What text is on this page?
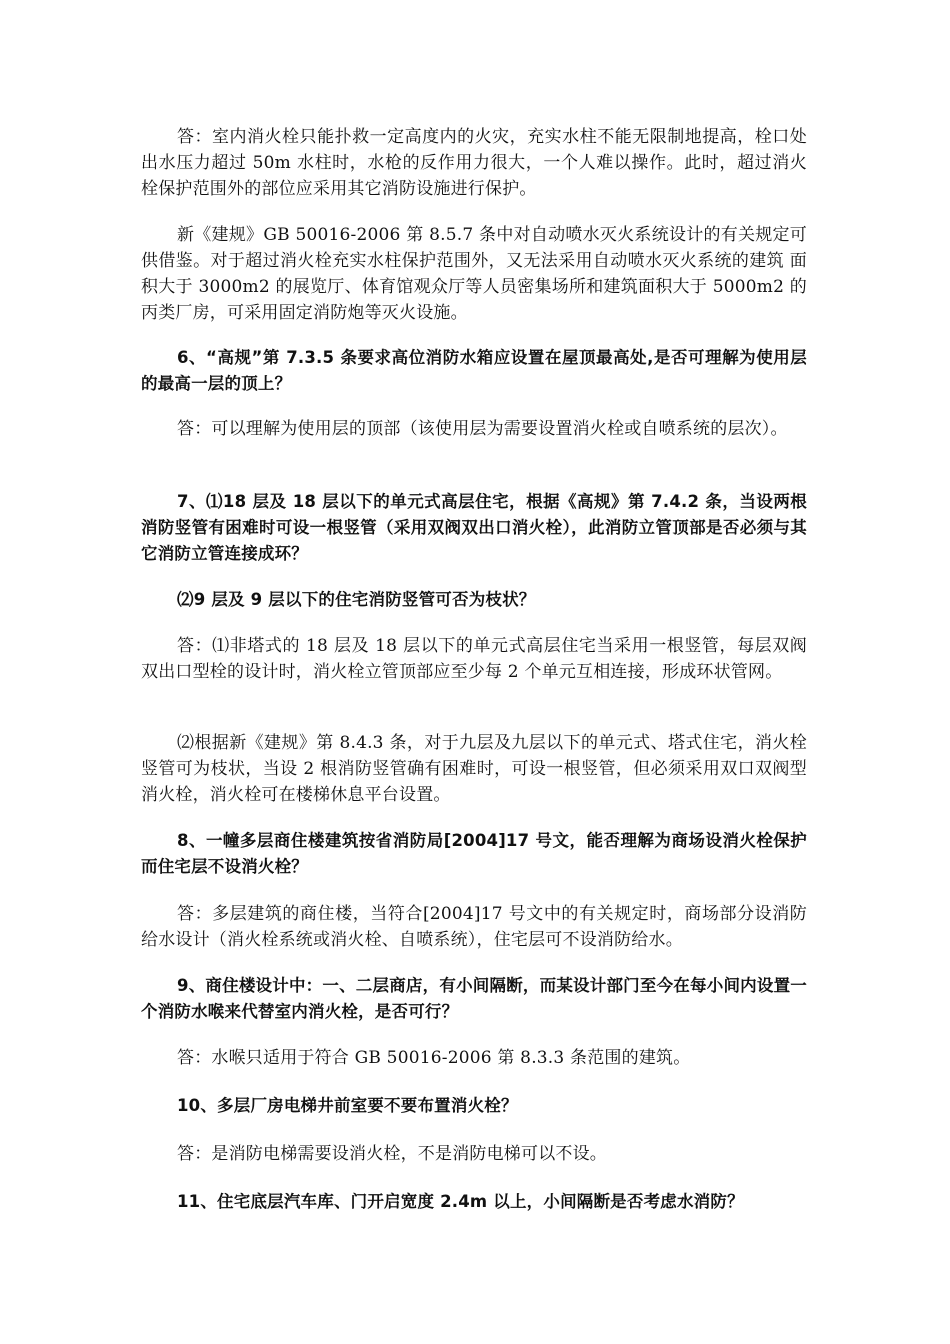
答：室内消火栓只能扑救一定高度内的火灾，充实水柱不能无限制地提高，栓口处出水压力超过 50m 水柱时，水枪的反作用力很大，一个人难以操作。此时，超过消火栓保护范围外的部位应采用其它消防设施进行保护。

新《建规》GB 50016-2006 第 8.5.7 条中对自动喷水灭火系统设计的有关规定可供借鉴。对于超过消火栓充实水柱保护范围外，又无法采用自动喷水灭火系统的建筑 面积大于 3000m2 的展览厅、体育馆观众厅等人员密集场所和建筑面积大于 5000m2 的丙类厂房，可采用固定消防炮等灭火设施。

6、“高规”第 7.3.5 条要求高位消防水箱应设置在屋顶最高处,是否可理解为使用层的最高一层的顶上？

答：可以理解为使用层的顶部（该使用层为需要设置消火栓或自喷系统的层次）。

7、⑴18 层及 18 层以下的单元式高层住宅，根据《高规》第 7.4.2 条，当设两根消防竖管有困难时可设一根竖管（采用双阀双出口消火栓），此消防立管顶部是否必须与其它消防立管连接成环？

⑵9 层及 9 层以下的住宅消防竖管可否为枝状？

答：⑴非塔式的 18 层及 18 层以下的单元式高层住宅当采用一根竖管，每层双阀双出口型栓的设计时，消火栓立管顶部应至少每 2 个单元互相连接，形成环状管网。

⑵根据新《建规》第 8.4.3 条，对于九层及九层以下的单元式、塔式住宅，消火栓竖管可为枝状，当设 2 根消防竖管确有困难时，可设一根竖管，但必须采用双口双阀型消火栓，消火栓可在楼梯休息平台设置。

8、一幢多层商住楼建筑按省消防局[2004]17 号文，能否理解为商场设消火栓保护而住宅层不设消火栓？

答：多层建筑的商住楼，当符合[2004]17 号文中的有关规定时，商场部分设消防给水设计（消火栓系统或消火栓、自喷系统），住宅层可不设消防给水。

9、商住楼设计中：一、二层商店，有小间隔断，而某设计部门至今在每小间内设置一个消防水喉来代替室内消火栓，是否可行？

答：水喉只适用于符合 GB 50016-2006 第 8.3.3 条范围的建筑。

10、多层厂房电梯井前室要不要布置消火栓？

答：是消防电梯需要设消火栓，不是消防电梯可以不设。

11、住宅底层汽车库、门开启宽度 2.4m 以上，小间隔断是否考虑水消防？
